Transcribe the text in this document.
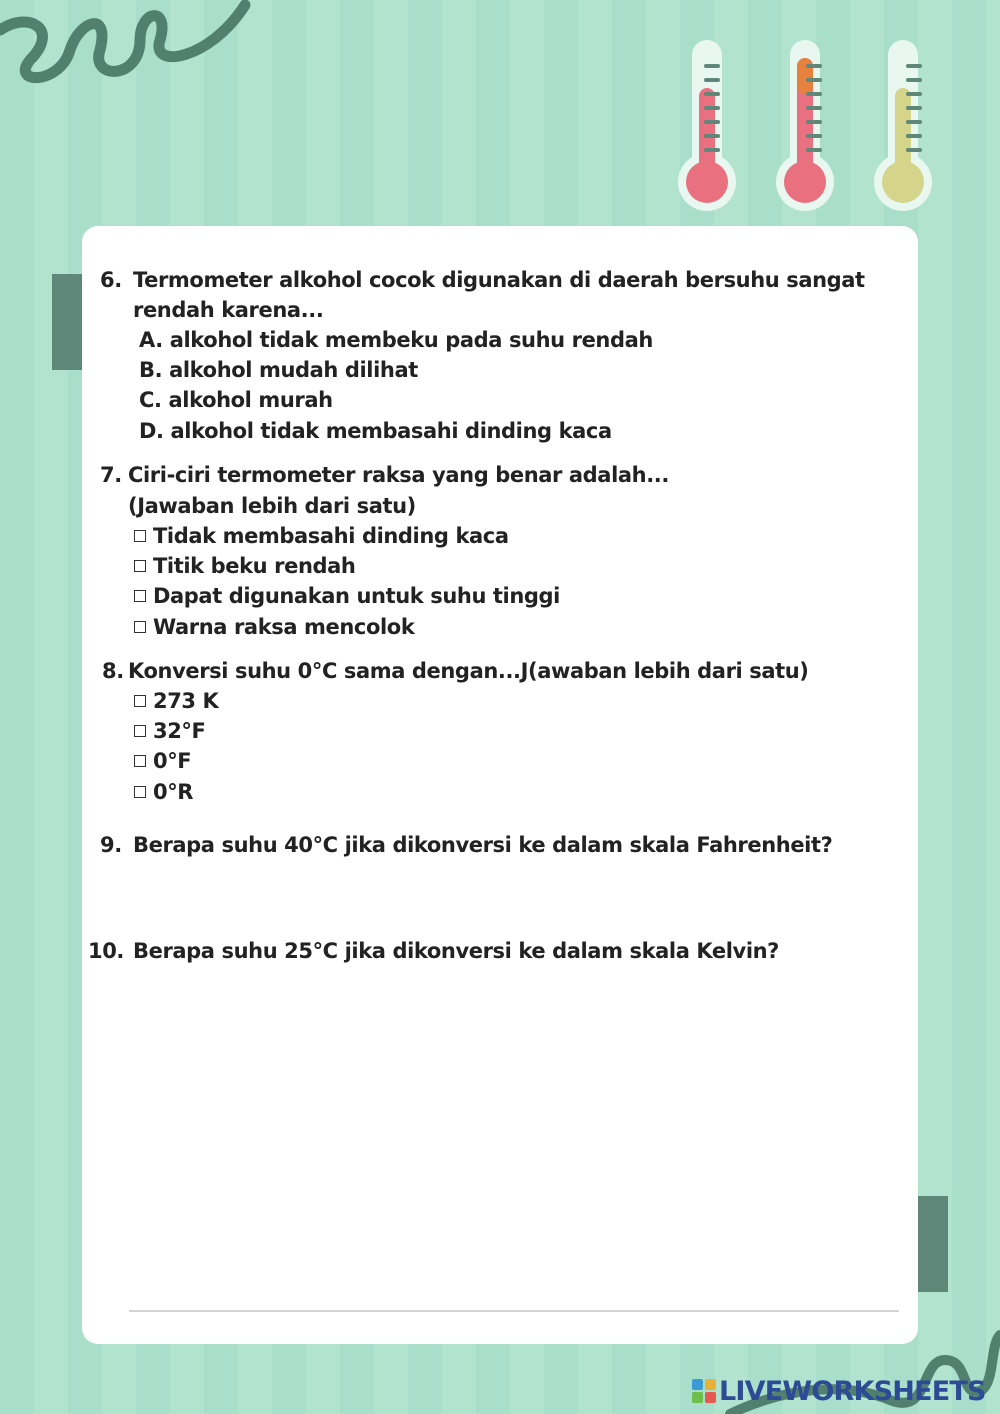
6. Termometer alkohol cocok digunakan di daerah bersuhu sangat
rendah karena...
A. alkohol tidak membeku pada suhu rendah
B. alkohol mudah dilihat
C. alkohol murah
D. alkohol tidak membasahi dinding kaca
7. Ciri-ciri termometer raksa yang benar adalah...
(Jawaban lebih dari satu)
Tidak membasahi dinding kaca
Titik beku rendah
Dapat digunakan untuk suhu tinggi
Warna raksa mencolok
8. Konversi suhu 0°C sama dengan...J(awaban lebih dari satu)
273 K
32°F
0°F
0°R
9. Berapa suhu 40°C jika dikonversi ke dalam skala Fahrenheit?
10. Berapa suhu 25°C jika dikonversi ke dalam skala Kelvin?
LIVEWORKSHEETS
